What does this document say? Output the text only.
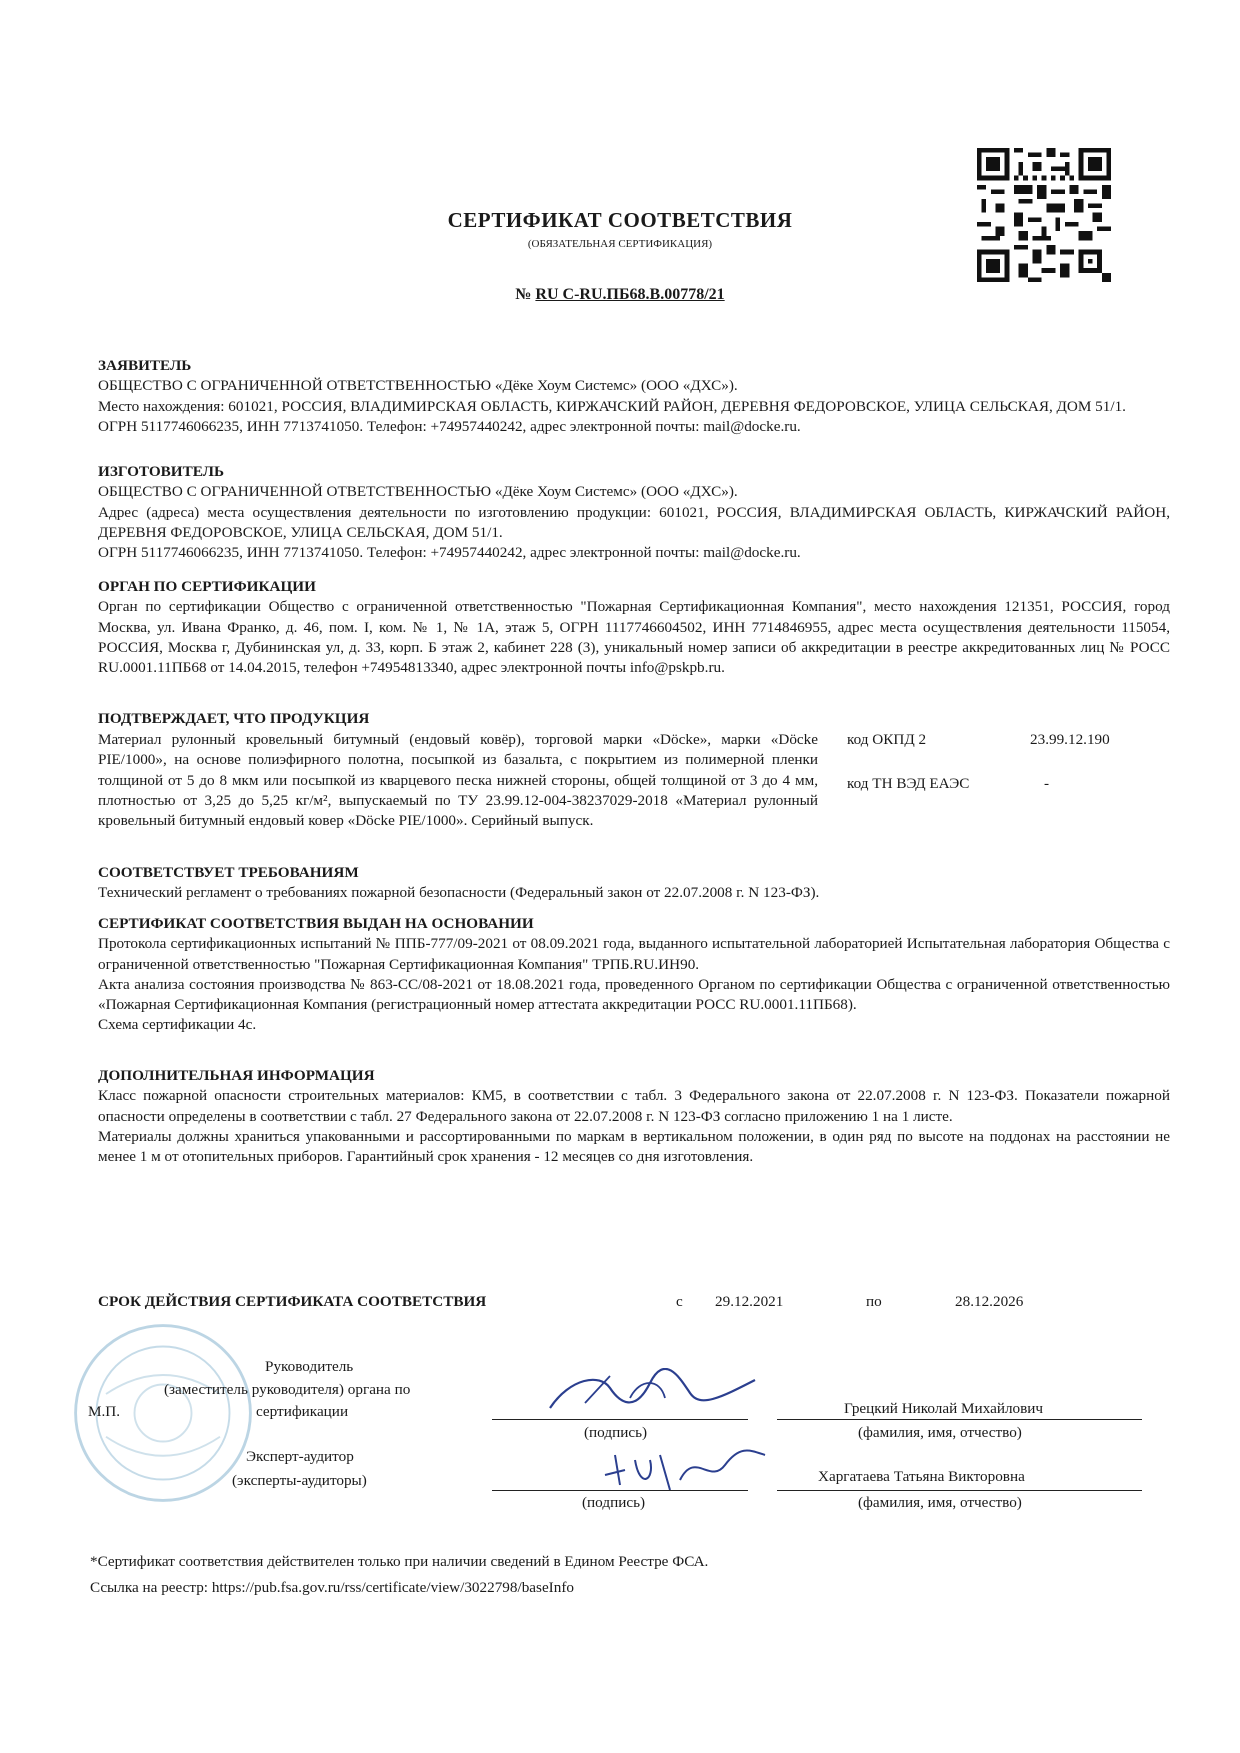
СЕРТИФИКАТ СООТВЕТСТВИЯ
(ОБЯЗАТЕЛЬНАЯ СЕРТИФИКАЦИЯ)
№ RU C-RU.ПБ68.В.00778/21
ЗАЯВИТЕЛЬ
ОБЩЕСТВО С ОГРАНИЧЕННОЙ ОТВЕТСТВЕННОСТЬЮ «Дёке Хоум Системс» (ООО «ДХС»).
Место нахождения: 601021, РОССИЯ, ВЛАДИМИРСКАЯ ОБЛАСТЬ, КИРЖАЧСКИЙ РАЙОН, ДЕРЕВНЯ ФЕДОРОВСКОЕ, УЛИЦА СЕЛЬСКАЯ, ДОМ 51/1.
ОГРН 5117746066235, ИНН 7713741050. Телефон: +74957440242, адрес электронной почты: mail@docke.ru.
ИЗГОТОВИТЕЛЬ
ОБЩЕСТВО С ОГРАНИЧЕННОЙ ОТВЕТСТВЕННОСТЬЮ «Дёке Хоум Системс» (ООО «ДХС»).
Адрес (адреса) места осуществления деятельности по изготовлению продукции: 601021, РОССИЯ, ВЛАДИМИРСКАЯ ОБЛАСТЬ, КИРЖАЧСКИЙ РАЙОН, ДЕРЕВНЯ ФЕДОРОВСКОЕ, УЛИЦА СЕЛЬСКАЯ, ДОМ 51/1.
ОГРН 5117746066235, ИНН 7713741050. Телефон: +74957440242, адрес электронной почты: mail@docke.ru.
ОРГАН ПО СЕРТИФИКАЦИИ
Орган по сертификации Общество с ограниченной ответственностью "Пожарная Сертификационная Компания", место нахождения 121351, РОССИЯ, город Москва, ул. Ивана Франко, д. 46, пом. I, ком. № 1, № 1А, этаж 5, ОГРН 1117746604502, ИНН 7714846955, адрес места осуществления деятельности 115054, РОССИЯ, Москва г, Дубининская ул, д. 33, корп. Б этаж 2, кабинет 228 (3), уникальный номер записи об аккредитации в реестре аккредитованных лиц № РОСС RU.0001.11ПБ68 от 14.04.2015, телефон +74954813340, адрес электронной почты info@pskpb.ru.
ПОДТВЕРЖДАЕТ, ЧТО ПРОДУКЦИЯ
Материал рулонный кровельный битумный (ендовый ковёр), торговой марки «Döcke», марки «Döcke PIE/1000», на основе полиэфирного полотна, посыпкой из базальта, с покрытием из полимерной пленки толщиной от 5 до 8 мкм или посыпкой из кварцевого песка нижней стороны, общей толщиной от 3 до 4 мм, плотностью от 3,25 до 5,25 кг/м², выпускаемый по ТУ 23.99.12-004-38237029-2018 «Материал рулонный кровельный битумный ендовый ковер «Döcke PIE/1000». Серийный выпуск.
код ОКПД 2	23.99.12.190
код ТН ВЭД ЕАЭС	-
СООТВЕТСТВУЕТ ТРЕБОВАНИЯМ
Технический регламент о требованиях пожарной безопасности (Федеральный закон от 22.07.2008 г. N 123-ФЗ).
СЕРТИФИКАТ СООТВЕТСТВИЯ ВЫДАН НА ОСНОВАНИИ
Протокола сертификационных испытаний № ППБ-777/09-2021 от 08.09.2021 года, выданного испытательной лабораторией Испытательная лаборатория Общества с ограниченной ответственностью "Пожарная Сертификационная Компания" ТРПБ.RU.ИН90.
Акта анализа состояния производства № 863-СС/08-2021 от 18.08.2021 года, проведенного Органом по сертификации Общества с ограниченной ответственностью «Пожарная Сертификационная Компания (регистрационный номер аттестата аккредитации РОСС RU.0001.11ПБ68).
Схема сертификации 4с.
ДОПОЛНИТЕЛЬНАЯ ИНФОРМАЦИЯ
Класс пожарной опасности строительных материалов: КМ5, в соответствии с табл. 3 Федерального закона от 22.07.2008 г. N 123-ФЗ. Показатели пожарной опасности определены в соответствии с табл. 27 Федерального закона от 22.07.2008 г. N 123-ФЗ согласно приложению 1 на 1 листе.
Материалы должны храниться упакованными и рассортированными по маркам в вертикальном положении, в один ряд по высоте на поддонах на расстоянии не менее 1 м от отопительных приборов. Гарантийный срок хранения - 12 месяцев со дня изготовления.
СРОК ДЕЙСТВИЯ СЕРТИФИКАТА СООТВЕТСТВИЯ	с 29.12.2021	по	28.12.2026
Руководитель
(заместитель руководителя) органа по
М.П.	сертификации
(подпись)
Грецкий Николай Михайлович
(фамилия, имя, отчество)
Эксперт-аудитор
(эксперты-аудиторы)
(подпись)
Харгатаева Татьяна Викторовна
(фамилия, имя, отчество)
*Сертификат соответствия действителен только при наличии сведений в Едином Реестре ФСА.
Ссылка на реестр: https://pub.fsa.gov.ru/rss/certificate/view/3022798/baseInfo
